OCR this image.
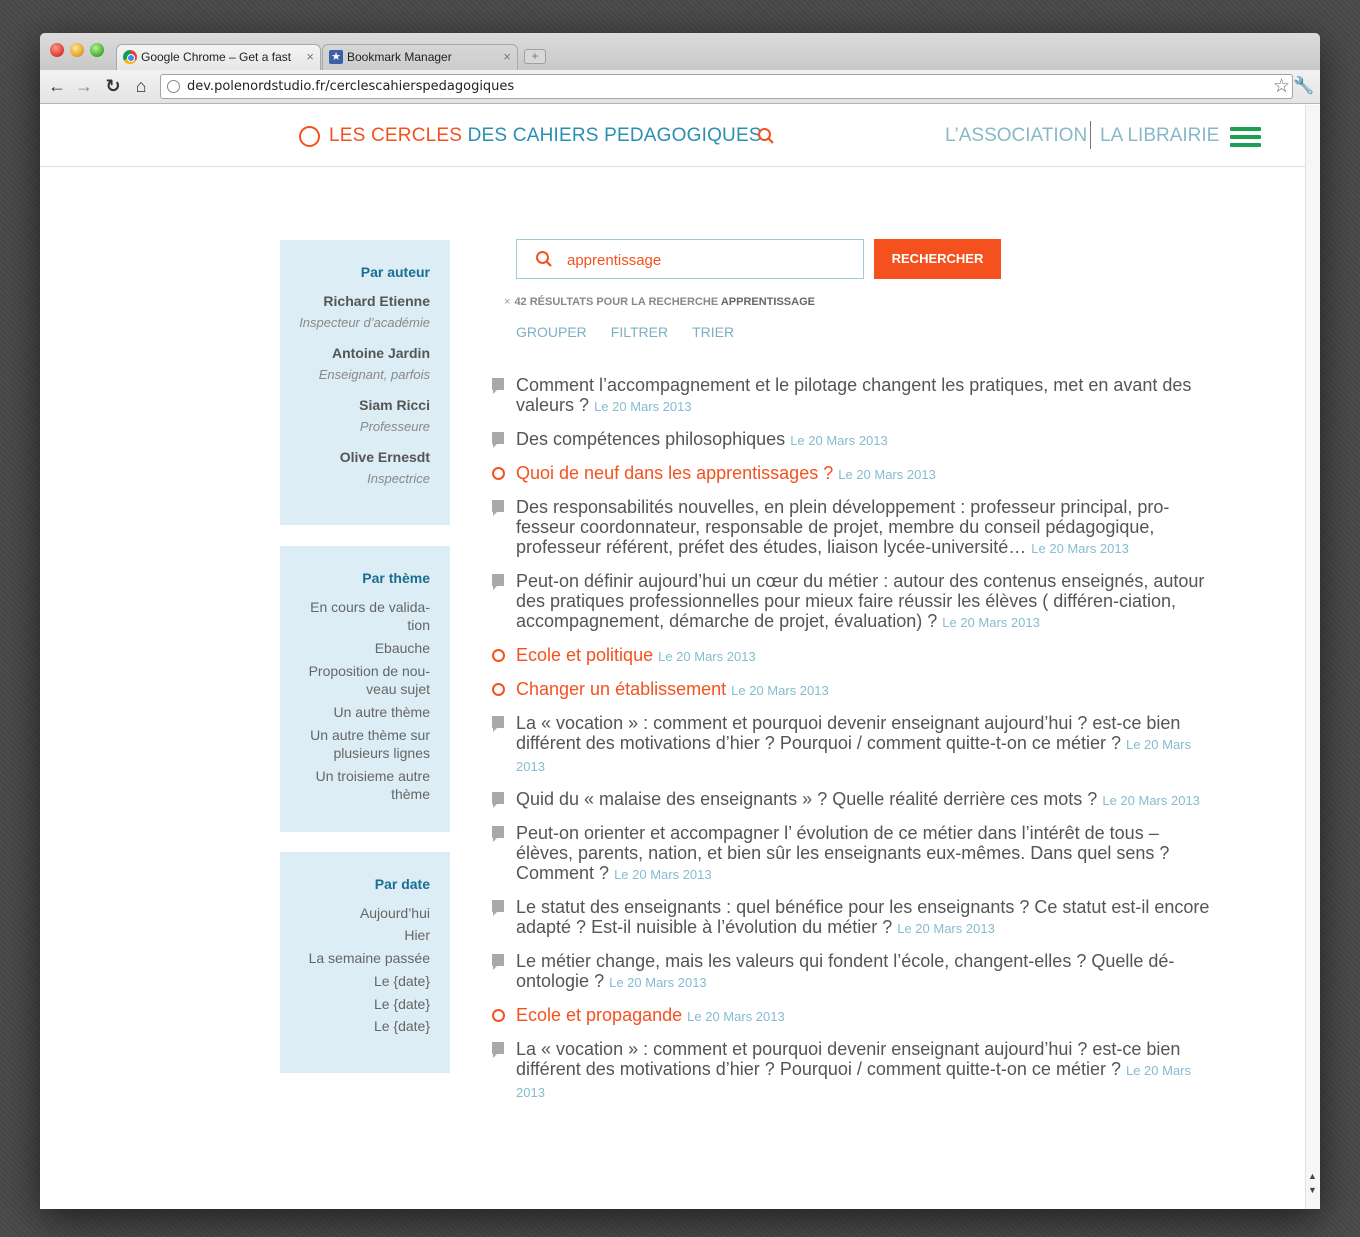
Google Chrome – Get a fast × ★ Bookmark Manager	×	+
← → ↻ ⌂	dev.polenordstudio.fr/cerclescahierspedagogiques	☆ 🔧
LES CERCLES DES CAHIERS PEDAGOGIQUES	L’ASSOCIATION LA LIBRAIRIE
Par auteur
Richard Etienne
Inspecteur d’académie
Antoine Jardin
Enseignant, parfois
Siam Ricci
Professeure
Olive Ernesdt
Inspectrice
Par thème
En cours de valida-tion
Ebauche
Proposition de nou-veau sujet
Un autre thème
Un autre thème sur plusieurs lignes
Un troisieme autre thème
Par date
Aujourd’hui
Hier
La semaine passée
Le {date}
Le {date}
Le {date}
apprentissage
RECHERCHER
× 42 RÉSULTATS POUR LA RECHERCHE APPRENTISSAGE
GROUPER FILTRER TRIER
Comment l’accompagnement et le pilotage changent les pratiques, met en avant des valeurs ? Le 20 Mars 2013
Des compétences philosophiques Le 20 Mars 2013
Quoi de neuf dans les apprentissages ? Le 20 Mars 2013
Des responsabilités nouvelles, en plein développement : professeur principal, pro-fesseur coordonnateur, responsable de projet, membre du conseil pédagogique, professeur référent, préfet des études, liaison lycée-université… Le 20 Mars 2013
Peut-on définir aujourd’hui un cœur du métier : autour des contenus enseignés, autour des pratiques professionnelles pour mieux faire réussir les élèves ( différen-ciation, accompagnement, démarche de projet, évaluation) ? Le 20 Mars 2013
Ecole et politique Le 20 Mars 2013
Changer un établissement Le 20 Mars 2013
La « vocation » : comment et pourquoi devenir enseignant aujourd’hui ? est-ce bien différent des motivations d’hier ? Pourquoi / comment quitte-t-on ce métier ? Le 20 Mars 2013
Quid du « malaise des enseignants » ? Quelle réalité derrière ces mots ? Le 20 Mars 2013
Peut-on orienter et accompagner l’ évolution de ce métier dans l’intérêt de tous – élèves, parents, nation, et bien sûr les enseignants eux-mêmes. Dans quel sens ? Comment ? Le 20 Mars 2013
Le statut des enseignants : quel bénéfice pour les enseignants ? Ce statut est-il encore adapté ? Est-il nuisible à l’évolution du métier ? Le 20 Mars 2013
Le métier change, mais les valeurs qui fondent l’école, changent-elles ? Quelle dé-ontologie ? Le 20 Mars 2013
Ecole et propagande Le 20 Mars 2013
La « vocation » : comment et pourquoi devenir enseignant aujourd’hui ? est-ce bien différent des motivations d’hier ? Pourquoi / comment quitte-t-on ce métier ? Le 20 Mars 2013
▲
▼
